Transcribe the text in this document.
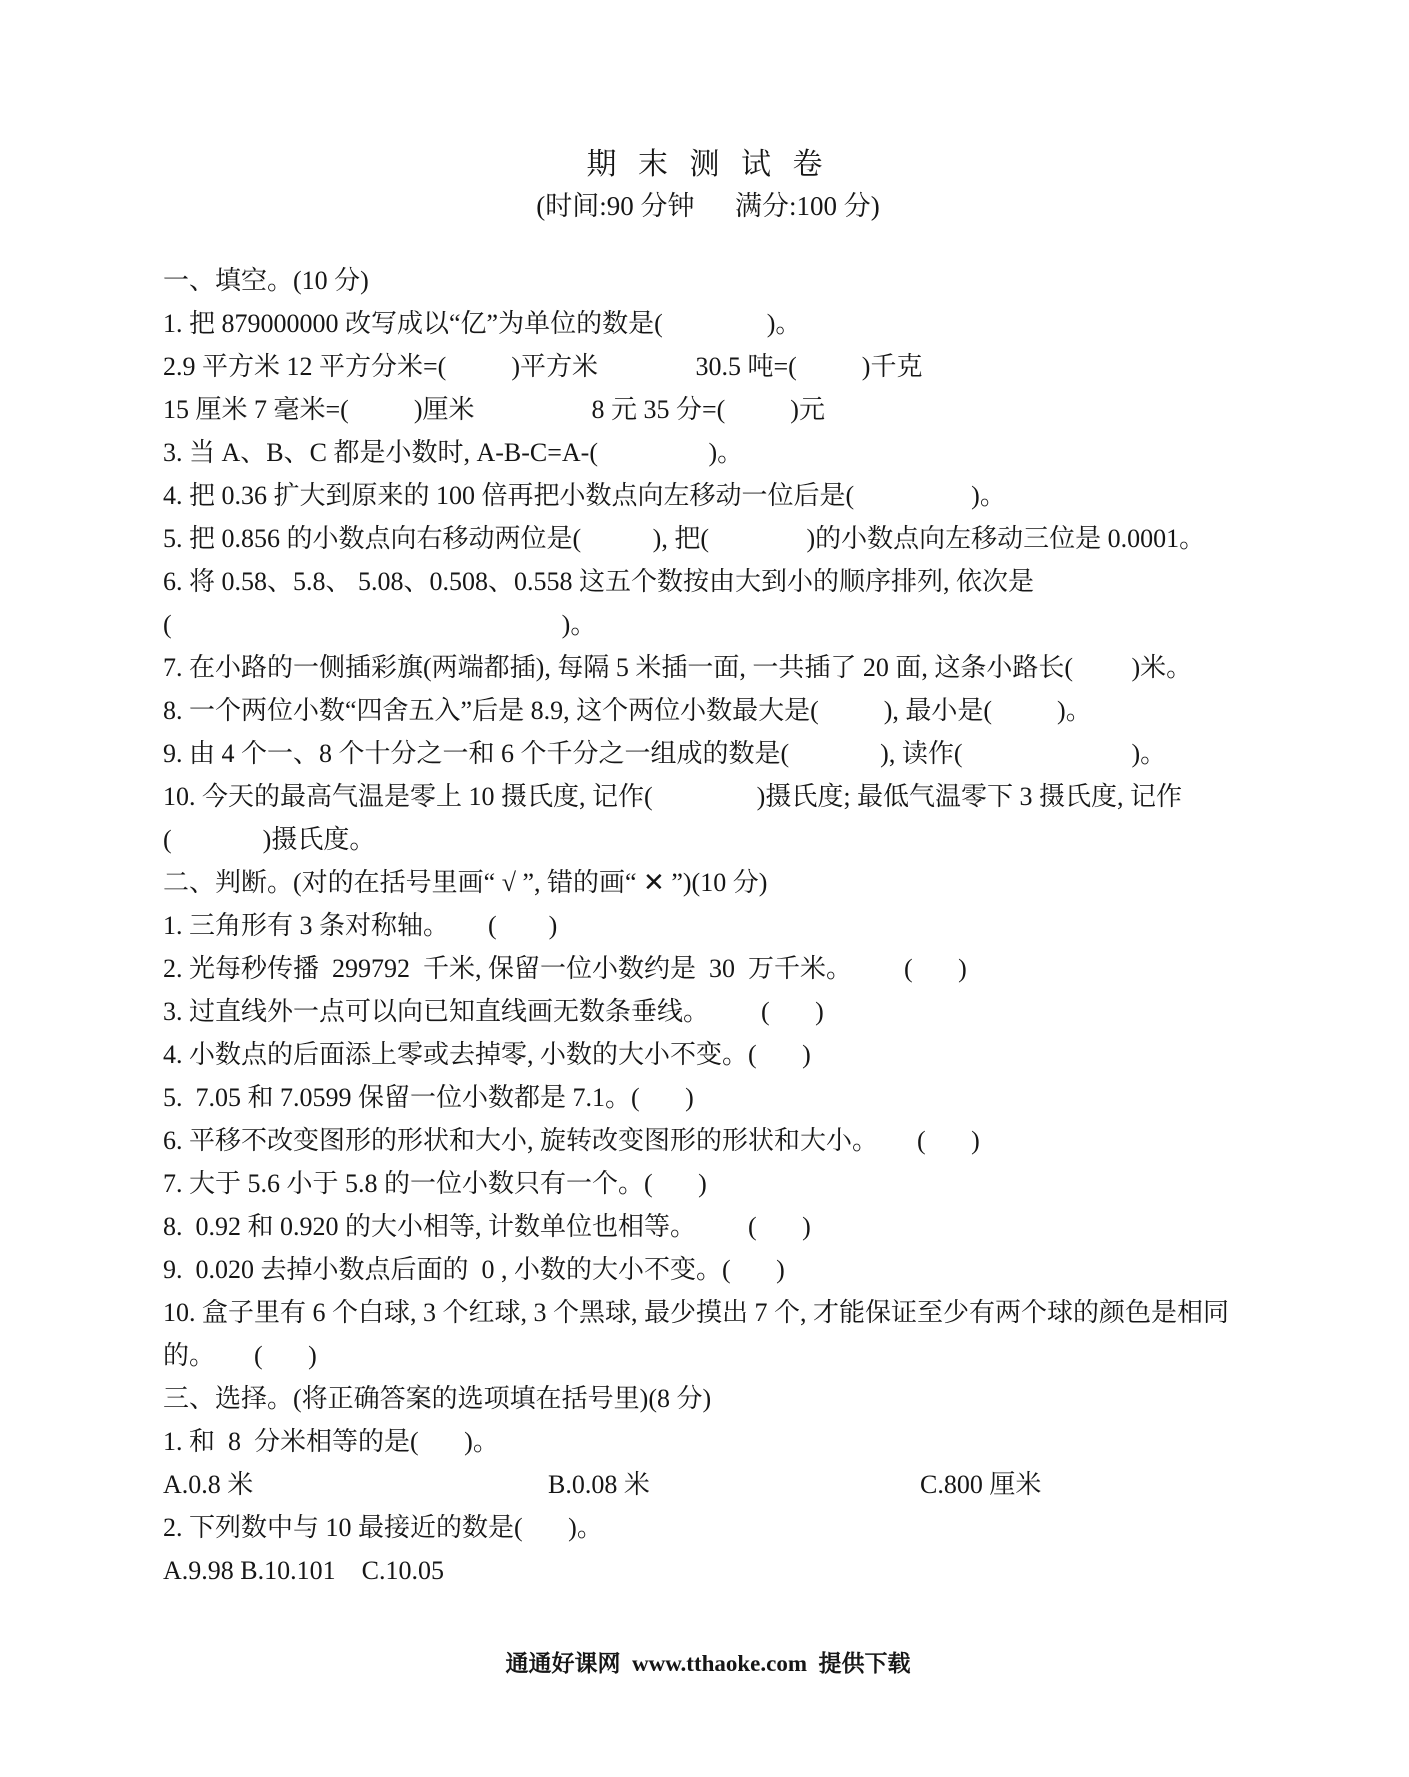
期 末 测 试 卷
(时间:90 分钟      满分:100 分)
一、填空。(10 分)
1. 把 879000000 改写成以“亿”为单位的数是(                )。
2.9 平方米 12 平方分米=(          )平方米               30.5 吨=(          )千克
15 厘米 7 毫米=(          )厘米                  8 元 35 分=(          )元
3. 当 A、B、C 都是小数时, A-B-C=A-(                 )。
4. 把 0.36 扩大到原来的 100 倍再把小数点向左移动一位后是(                  )。
5. 把 0.856 的小数点向右移动两位是(           ), 把(               )的小数点向左移动三位是 0.0001。
6. 将 0.58、5.8、 5.08、0.508、0.558 这五个数按由大到小的顺序排列, 依次是
(                                                            )。
7. 在小路的一侧插彩旗(两端都插), 每隔 5 米插一面, 一共插了 20 面, 这条小路长(         )米。
8. 一个两位小数“四舍五入”后是 8.9, 这个两位小数最大是(          ), 最小是(          )。
9. 由 4 个一、8 个十分之一和 6 个千分之一组成的数是(              ), 读作(                          )。
10. 今天的最高气温是零上 10 摄氏度, 记作(                )摄氏度; 最低气温零下 3 摄氏度, 记作
(              )摄氏度。
二、判断。(对的在括号里画“ √ ”, 错的画“ ✕ ”)(10 分)
1. 三角形有 3 条对称轴。      (        )
2. 光每秒传播  299792  千米, 保留一位小数约是  30  万千米。        (       )
3. 过直线外一点可以向已知直线画无数条垂线。        (       )
4. 小数点的后面添上零或去掉零, 小数的大小不变。(       )
5.  7.05 和 7.0599 保留一位小数都是 7.1。(       )
6. 平移不改变图形的形状和大小, 旋转改变图形的形状和大小。      (       )
7. 大于 5.6 小于 5.8 的一位小数只有一个。(       )
8.  0.92 和 0.920 的大小相等, 计数单位也相等。        (       )
9.  0.020 去掉小数点后面的  0 , 小数的大小不变。(       )
10. 盒子里有 6 个白球, 3 个红球, 3 个黑球, 最少摸出 7 个, 才能保证至少有两个球的颜色是相同
的。      (       )
三、选择。(将正确答案的选项填在括号里)(8 分)
1. 和  8  分米相等的是(       )。
A.0.8 米	B.0.08 米	C.800 厘米
2. 下列数中与 10 最接近的数是(       )。
A.9.98 B.10.101    C.10.05
通通好课网  www.tthaoke.com  提供下载
